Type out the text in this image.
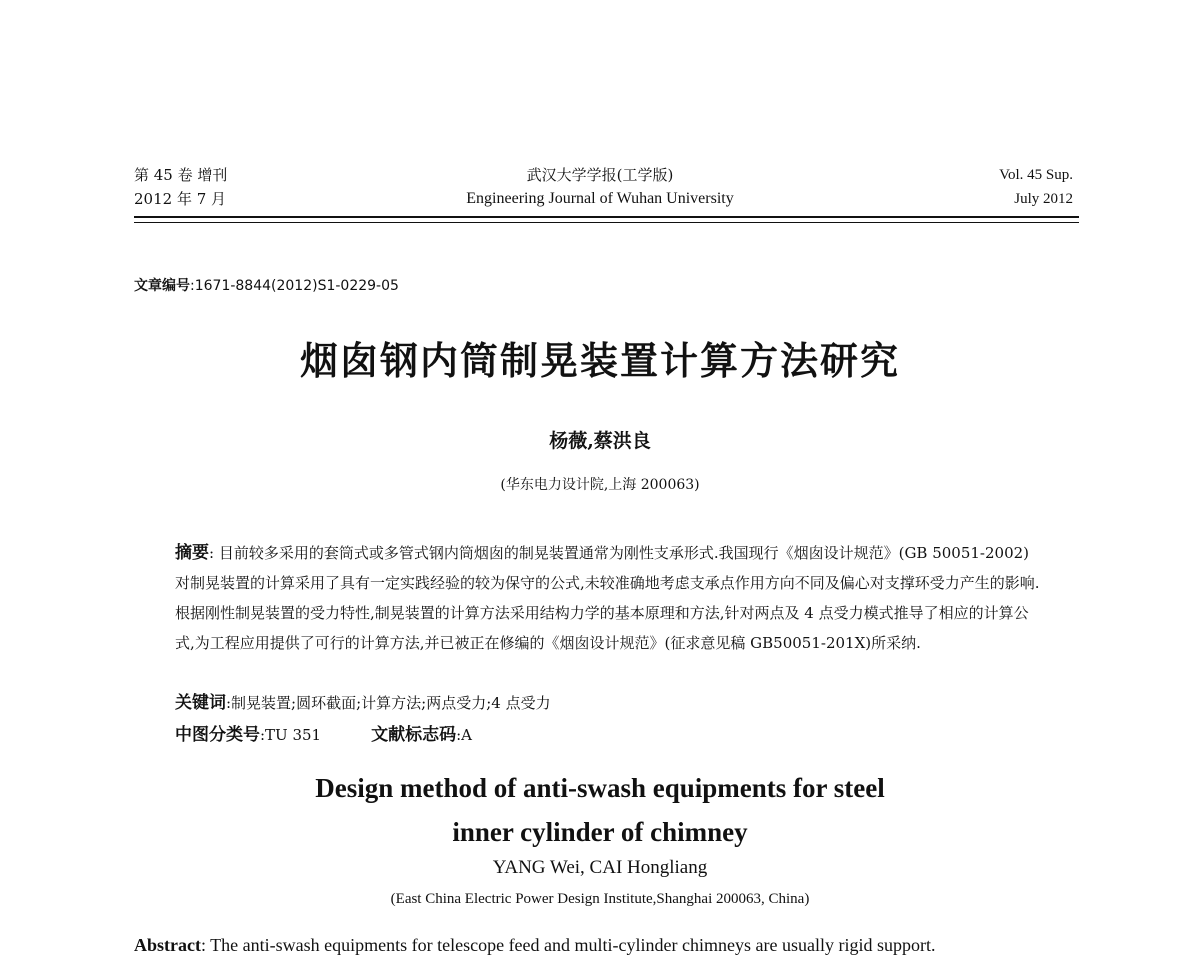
第 45 卷 增刊
2012 年 7 月
武汉大学学报(工学版)
Engineering Journal of Wuhan University
Vol. 45 Sup.
July 2012
文章编号:1671-8844(2012)S1-0229-05
烟囱钢内筒制晃装置计算方法研究
杨薇,蔡洪良
(华东电力设计院,上海 200063)
摘要: 目前较多采用的套筒式或多管式钢内筒烟囱的制晃装置通常为刚性支承形式.我国现行《烟囱设计规范》(GB 50051-2002)对制晃装置的计算采用了具有一定实践经验的较为保守的公式,未较准确地考虑支承点作用方向不同及偏心对支撑环受力产生的影响.根据刚性制晃装置的受力特性,制晃装置的计算方法采用结构力学的基本原理和方法,针对两点及 4 点受力模式推导了相应的计算公式,为工程应用提供了可行的计算方法,并已被正在修编的《烟囱设计规范》(征求意见稿 GB50051-201X)所采纳.
关键词:制晃装置;圆环截面;计算方法;两点受力;4 点受力
中图分类号:TU 351	文献标志码:A
Design method of anti-swash equipments for steel
inner cylinder of chimney
YANG Wei, CAI Hongliang
(East China Electric Power Design Institute,Shanghai 200063, China)
Abstract: The anti-swash equipments for telescope feed and multi-cylinder chimneys are usually rigid support.
